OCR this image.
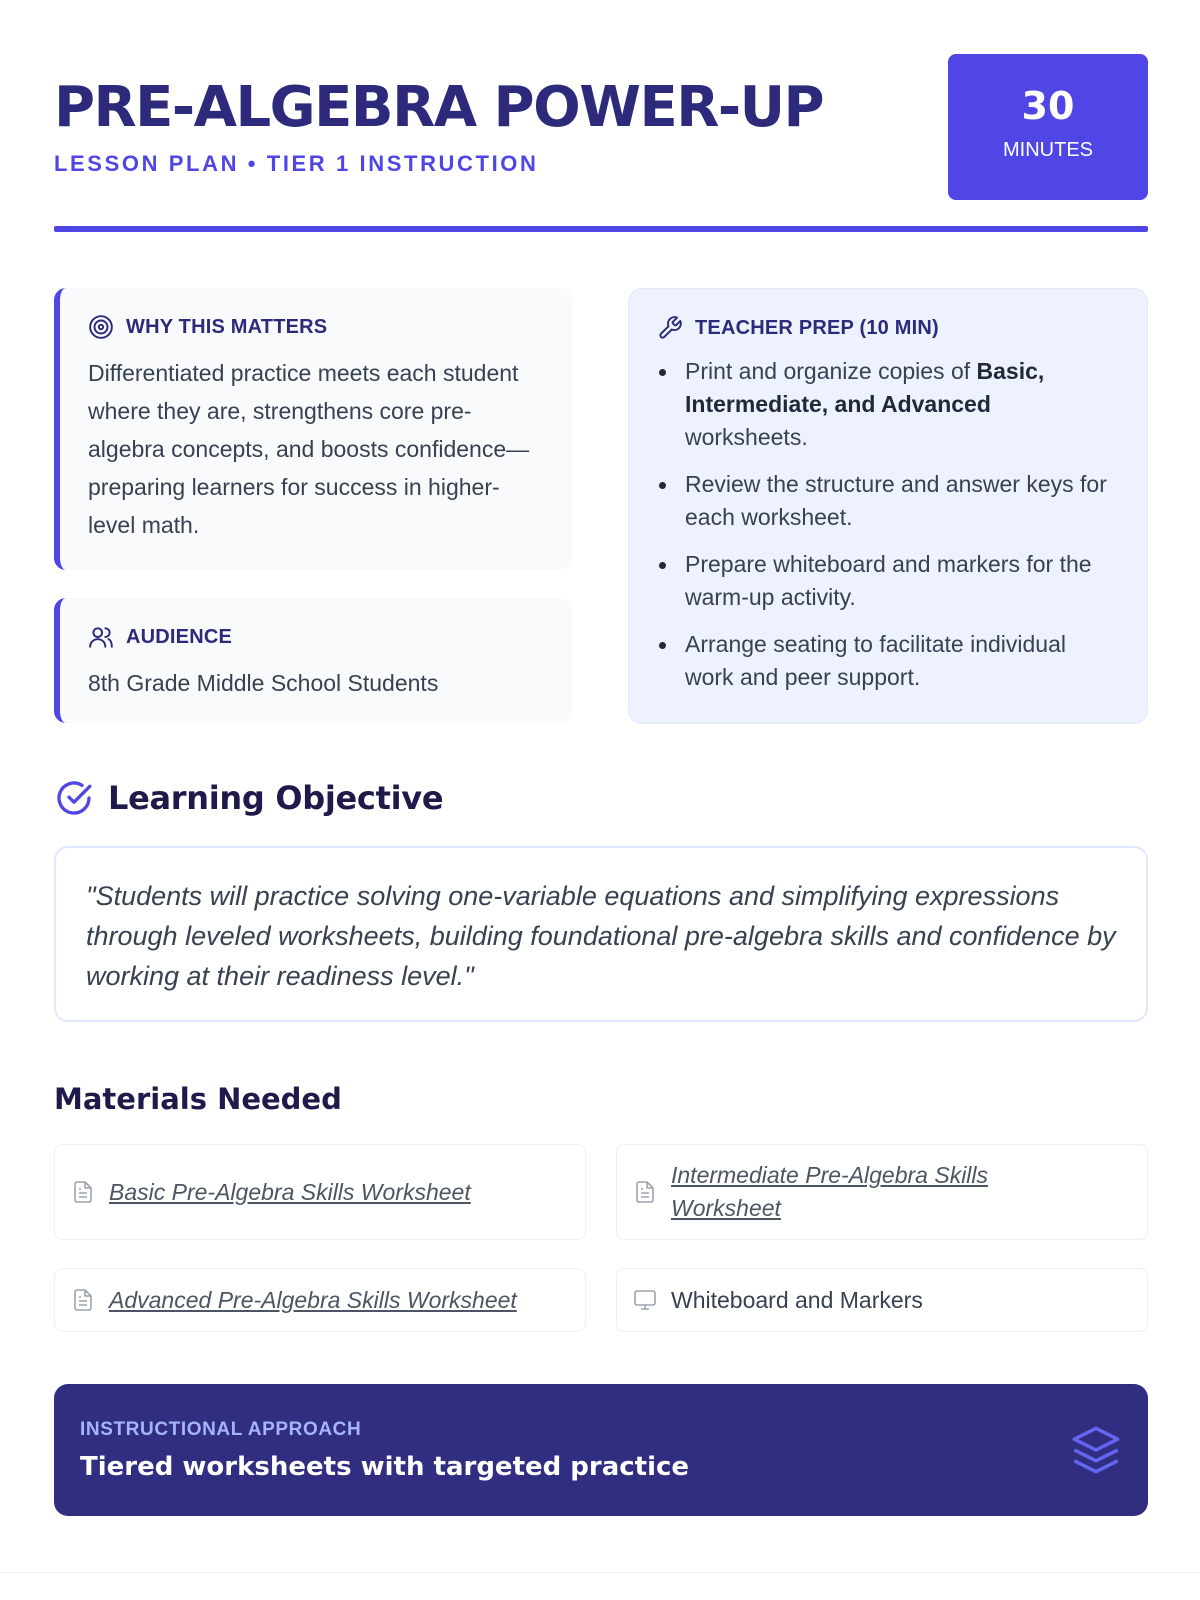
PRE-ALGEBRA POWER-UP
LESSON PLAN • TIER 1 INSTRUCTION
30
MINUTES
WHY THIS MATTERS
Differentiated practice meets each student where they are, strengthens core pre-algebra concepts, and boosts confidence—preparing learners for success in higher-level math.
AUDIENCE
8th Grade Middle School Students
TEACHER PREP (10 MIN)
Print and organize copies of Basic, Intermediate, and Advanced worksheets.
Review the structure and answer keys for each worksheet.
Prepare whiteboard and markers for the warm-up activity.
Arrange seating to facilitate individual work and peer support.
Learning Objective
"Students will practice solving one-variable equations and simplifying expressions through leveled worksheets, building foundational pre-algebra skills and confidence by working at their readiness level."
Materials Needed
Basic Pre-Algebra Skills Worksheet
Intermediate Pre-Algebra Skills Worksheet
Advanced Pre-Algebra Skills Worksheet	Whiteboard and Markers
INSTRUCTIONAL APPROACH
Tiered worksheets with targeted practice
